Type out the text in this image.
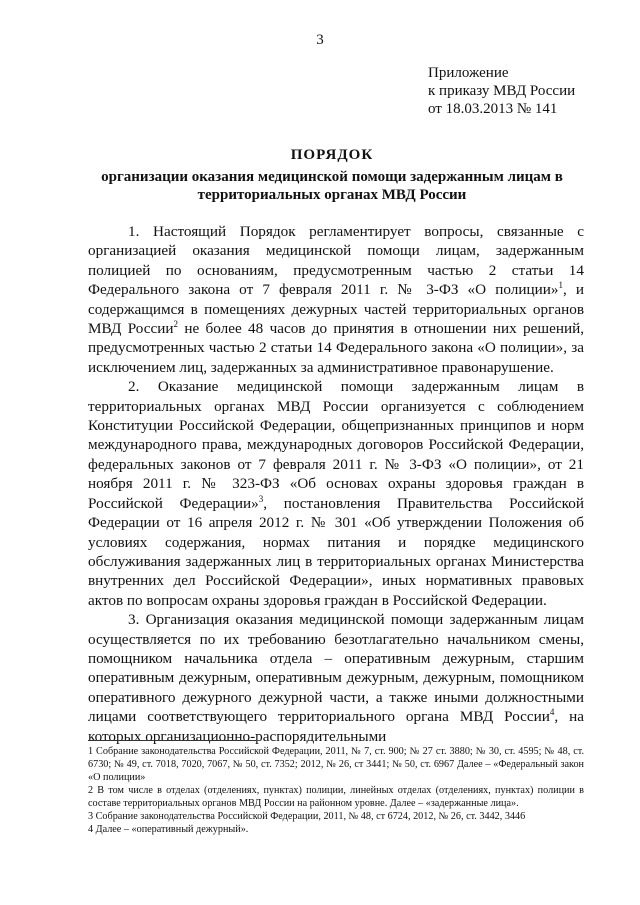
3
Приложение
к приказу МВД России
от 18.03.2013 № 141
ПОРЯДОК
организации оказания медицинской помощи задержанным лицам в территориальных органах МВД России

1. Настоящий Порядок регламентирует вопросы, связанные с организацией оказания медицинской помощи лицам, задержанным полицией по основаниям, предусмотренным частью 2 статьи 14 Федерального закона от 7 февраля 2011 г. № 3-ФЗ «О полиции»$^1$, и содержащимся в помещениях дежурных частей территориальных органов МВД России$^2$ не более 48 часов до принятия в отношении них решений, предусмотренных частью 2 статьи 14 Федерального закона «О полиции», за исключением лиц, задержанных за административное правонарушение.

2. Оказание медицинской помощи задержанным лицам в территориальных органах МВД России организуется с соблюдением Конституции Российской Федерации, общепризнанных принципов и норм международного права, международных договоров Российской Федерации, федеральных законов от 7 февраля 2011 г. № 3-ФЗ «О полиции», от 21 ноября 2011 г. № 323-ФЗ «Об основах охраны здоровья граждан в Российской Федерации»$^3$, постановления Правительства Российской Федерации от 16 апреля 2012 г. № 301 «Об утверждении Положения об условиях содержания, нормах питания и порядке медицинского обслуживания задержанных лиц в территориальных органах Министерства внутренних дел Российской Федерации», иных нормативных правовых актов по вопросам охраны здоровья граждан в Российской Федерации.

3. Организация оказания медицинской помощи задержанным лицам осуществляется по их требованию безотлагательно начальником смены, помощником начальника отдела – оперативным дежурным, старшим оперативным дежурным, оперативным дежурным, дежурным, помощником оперативного дежурного дежурной части, а также иными должностными лицами соответствующего территориального органа МВД России$^4$, на которых организационно-распорядительными

1 Собрание законодательства Российской Федерации, 2011, № 7, ст. 900; № 27 ст. 3880; № 30, ст. 4595; № 48, ст. 6730; № 49, ст. 7018, 7020, 7067, № 50, ст. 7352; 2012, № 26, ст 3441; № 50, ст. 6967 Далее – «Федеральный закон «О полиции»

2 В том числе в отделах (отделениях, пунктах) полиции, линейных отделах (отделениях, пунктах) полиции в составе территориальных органов МВД России на районном уровне. Далее – «задержанные лица».

3 Собрание законодательства Российской Федерации, 2011, № 48, ст 6724, 2012, № 26, ст. 3442, 3446

4 Далее – «оперативный дежурный».
